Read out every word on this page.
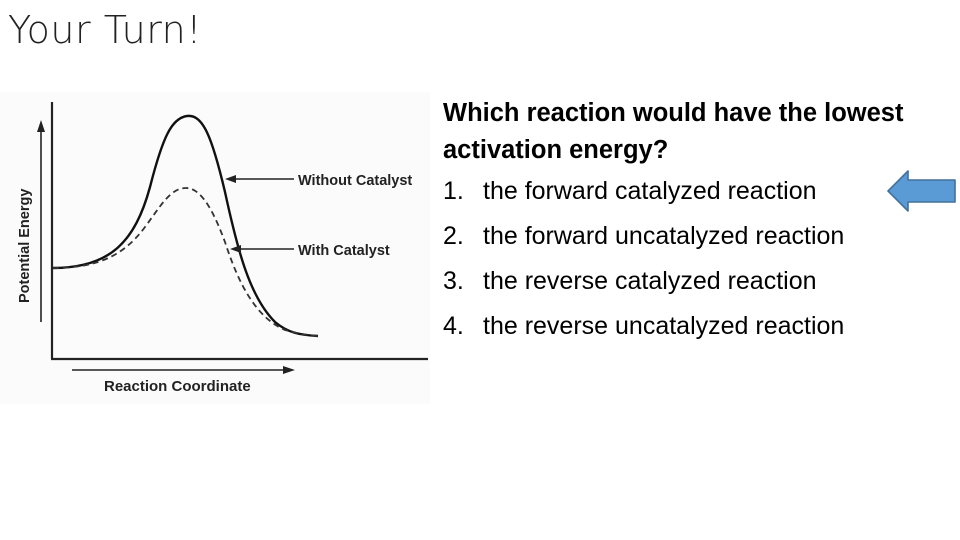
Your Turn!
Without Catalyst
With Catalyst
Reaction Coordinate
Potential Energy
Which reaction would have the lowest activation energy?
1. the forward catalyzed reaction
2. the forward uncatalyzed reaction
3. the reverse catalyzed reaction
4. the reverse uncatalyzed reaction
